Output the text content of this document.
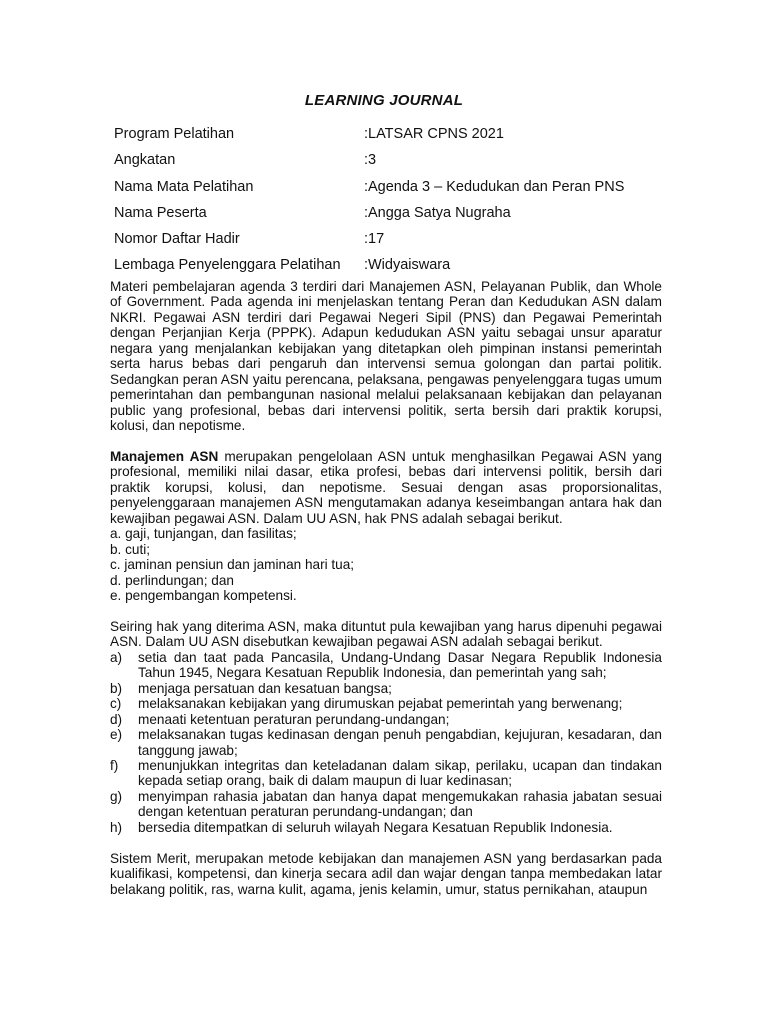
LEARNING JOURNAL
Program Pelatihan	: LATSAR CPNS 2021
Angkatan	: 3
Nama Mata Pelatihan	: Agenda 3 – Kedudukan dan Peran PNS
Nama Peserta	: Angga Satya Nugraha
Nomor Daftar Hadir	: 17
Lembaga Penyelenggara Pelatihan : Widyaiswara

Materi pembelajaran agenda 3 terdiri dari Manajemen ASN, Pelayanan Publik, dan Whole of Government. Pada agenda ini menjelaskan tentang Peran dan Kedudukan ASN dalam NKRI. Pegawai ASN terdiri dari Pegawai Negeri Sipil (PNS) dan Pegawai Pemerintah dengan Perjanjian Kerja (PPPK). Adapun kedudukan ASN yaitu sebagai unsur aparatur negara yang menjalankan kebijakan yang ditetapkan oleh pimpinan instansi pemerintah serta harus bebas dari pengaruh dan intervensi semua golongan dan partai politik. Sedangkan peran ASN yaitu perencana, pelaksana, pengawas penyelenggara tugas umum pemerintahan dan pembangunan nasional melalui pelaksanaan kebijakan dan pelayanan public yang profesional, bebas dari intervensi politik, serta bersih dari praktik korupsi, kolusi, dan nepotisme.

Manajemen ASN merupakan pengelolaan ASN untuk menghasilkan Pegawai ASN yang profesional, memiliki nilai dasar, etika profesi, bebas dari intervensi politik, bersih dari praktik korupsi, kolusi, dan nepotisme. Sesuai dengan asas proporsionalitas, penyelenggaraan manajemen ASN mengutamakan adanya keseimbangan antara hak dan kewajiban pegawai ASN. Dalam UU ASN, hak PNS adalah sebagai berikut.

a. gaji, tunjangan, dan fasilitas;
b. cuti;
c. jaminan pensiun dan jaminan hari tua;
d. perlindungan; dan
e. pengembangan kompetensi.

Seiring hak yang diterima ASN, maka dituntut pula kewajiban yang harus dipenuhi pegawai ASN. Dalam UU ASN disebutkan kewajiban pegawai ASN adalah sebagai berikut.

a)	setia dan taat pada Pancasila, Undang-Undang Dasar Negara Republik Indonesia Tahun 1945, Negara Kesatuan Republik Indonesia, dan pemerintah yang sah;
b)	menjaga persatuan dan kesatuan bangsa;
c)	melaksanakan kebijakan yang dirumuskan pejabat pemerintah yang berwenang;
d)	menaati ketentuan peraturan perundang-undangan;
e)	melaksanakan tugas kedinasan dengan penuh pengabdian, kejujuran, kesadaran, dan tanggung jawab;
f)	menunjukkan integritas dan keteladanan dalam sikap, perilaku, ucapan dan tindakan kepada setiap orang, baik di dalam maupun di luar kedinasan;
g)	menyimpan rahasia jabatan dan hanya dapat mengemukakan rahasia jabatan sesuai dengan ketentuan peraturan perundang-undangan; dan
h)	bersedia ditempatkan di seluruh wilayah Negara Kesatuan Republik Indonesia.

Sistem Merit, merupakan metode kebijakan dan manajemen ASN yang berdasarkan pada kualifikasi, kompetensi, dan kinerja secara adil dan wajar dengan tanpa membedakan latar belakang politik, ras, warna kulit, agama, jenis kelamin, umur, status pernikahan, ataupun
